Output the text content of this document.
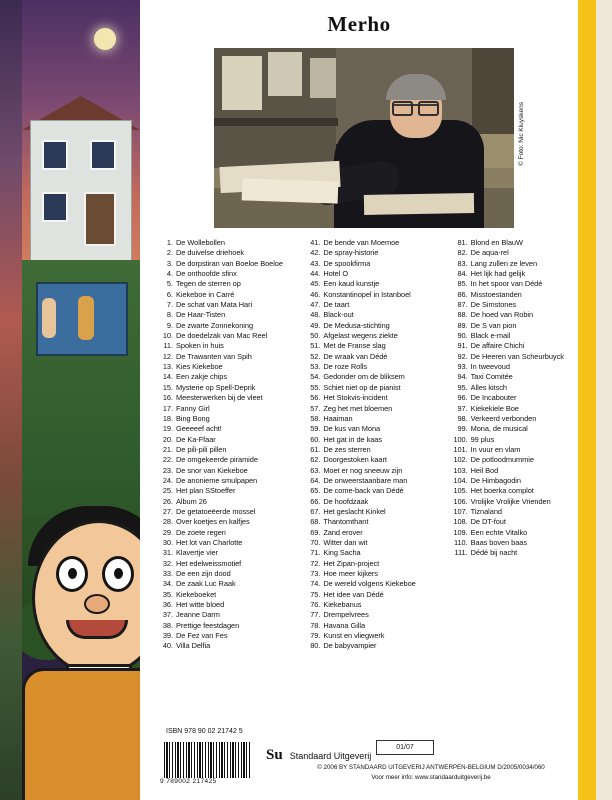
Merho
© Foto: Nic Kluyskens
1. De Wollebollen
2. De duivelse driehoek
3. De dorpstiran van Boeloe Boeloe
4. De onthoofde sfinx
5. Tegen de sterren op
6. Kiekeboe in Carré
7. De schat van Mata Hari
8. De Haar-Tisten
9. De zwarte Zonnekoning
10. De doedelzak van Mac Reel
11. Spoken in huis
12. De Trawanten van Spih
13. Kies Kiekeboe
14. Een zakje chips
15. Mysterie op Spell-Deprik
16. Meesterwerken bij de vleet
17. Fanny Girl
18. Bing Bong
19. Geeeeef acht!
20. De Ka-Ffaar
21. De pili-pili pillen
22. De omgekeerde piramide
23. De snor van Kiekeboe
24. De anonieme smulpapen
25. Het plan SStoeffer
26. Album 26
27. De getatoeëerde mossel
28. Over koetjes en kalfjes
29. De zoete regen
30. Het lot van Charlotte
31. Klavertje vier
32. Het edelweissmotief
33. De een zijn dood
34. De zaak Luc Raak
35. Kiekeboeket
36. Het witte bloed
37. Jeanne Darm
38. Prettige feestdagen
39. De Fez van Fes
40. Villa Delfia
41. De bende van Moemoe
42. De spray-historie
43. De spookfirma
44. Hotel O
45. Een kaud kunstje
46. Konstantinopel in Istanboel
47. De taart
48. Black-out
49. De Medusa-stichting
50. Afgelast wegens ziekte
51. Met de Franse slag
52. De wraak van Dédé
53. De roze Rolls
54. Gedonder om de bliksem
55. Schiet niet op de pianist
56. Het Stokvis-incident
57. Zeg het met bloemen
58. Haaiman
59. De kus van Mona
60. Het gat in de kaas
61. De zes sterren
62. Doorgestoken kaart
63. Moet er nog sneeuw zijn
64. De onweerstaanbare man
65. De come-back van Dédé
66. De hoofdzaak
67. Het geslacht Kinkel
68. Thantomthant
69. Zand erover
70. Witter dan wit
71. King Sacha
72. Het Zipan-project
73. Hoe meer kijkers
74. De wereld volgens Kiekeboe
75. Het idee van Dédé
76. Kiekebanus
77. Drempelvrees
78. Havana Gilla
79. Kunst en vliegwerk
80. De babyvampier
81. Blond en BlauW
82. De aqua-rel
83. Lang zullen ze leven
84. Het lijk had gelijk
85. In het spoor van Dédé
86. Misstoestanden
87. De Simstones
88. De hoed van Robin
89. De S van pion
90. Black e-mail
91. De affaire Chichi
92. De Heeren van Scheurbuyck
93. In tweevoud
94. Taxi Comitée
95. Alles kitsch
96. De Incabouter
97. Kiekekiele Boe
98. Verkeerd verbonden
99. Mona, de musical
100. 99 plus
101. In vuur en vlam
102. De potloodmummie
103. Heil Bod
104. De Himbagodin
105. Het boerka complot
106. Vrolijke Vrolijke Vrienden
107. Tiznaland
108. De DT-fout
109. Een echte Vitalko
110. Baas boven baas
111. Dédé bij nacht
ISBN 978 90 02 21742 5
9 789002 217425
Su Standaard Uitgeverij
01/07
© 2006 BY STANDAARD UITGEVERIJ ANTWERPEN-BELGIUM D/2005/0034/060
Voor meer info: www.standaarduitgeverij.be
